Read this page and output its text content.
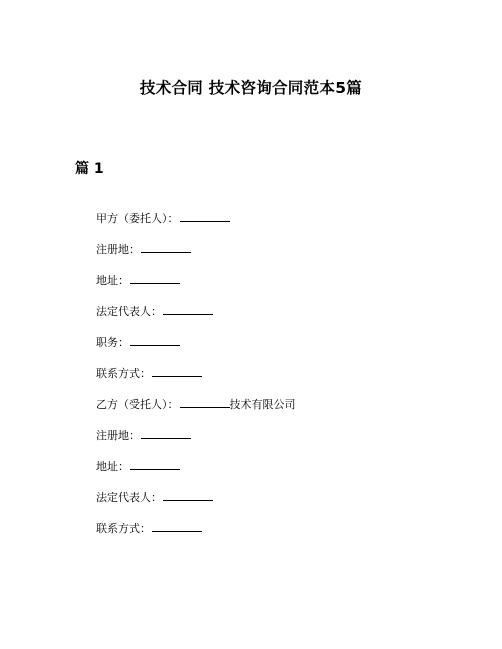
技术合同 技术咨询合同范本5篇
篇 1
甲方（委托人）：
注册地：
地址：
法定代表人：
职务：
联系方式：
乙方（受托人）：	技术有限公司
注册地：
地址：
法定代表人：
联系方式：
